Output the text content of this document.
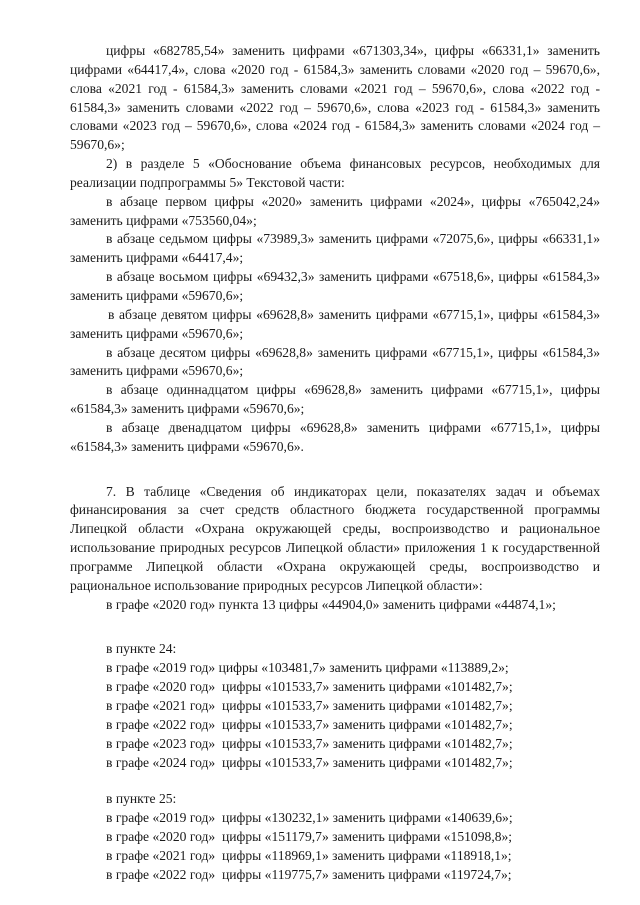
цифры «682785,54» заменить цифрами «671303,34», цифры «66331,1» заменить цифрами «64417,4», слова «2020 год - 61584,3» заменить словами «2020 год – 59670,6», слова «2021 год - 61584,3» заменить словами «2021 год – 59670,6», слова «2022 год - 61584,3» заменить словами «2022 год – 59670,6», слова «2023 год - 61584,3» заменить словами «2023 год – 59670,6», слова «2024 год - 61584,3» заменить словами «2024 год – 59670,6»;

2) в разделе 5 «Обоснование объема финансовых ресурсов, необходимых для реализации подпрограммы 5» Текстовой части:

в абзаце первом цифры «2020» заменить цифрами «2024», цифры «765042,24» заменить цифрами «753560,04»;

в абзаце седьмом цифры «73989,3» заменить цифрами «72075,6», цифры «66331,1» заменить цифрами «64417,4»;

в абзаце восьмом цифры «69432,3» заменить цифрами «67518,6», цифры «61584,3» заменить цифрами «59670,6»;

в абзаце девятом цифры «69628,8» заменить цифрами «67715,1», цифры «61584,3» заменить цифрами «59670,6»;

в абзаце десятом цифры «69628,8» заменить цифрами «67715,1», цифры «61584,3» заменить цифрами «59670,6»;

в абзаце одиннадцатом цифры «69628,8» заменить цифрами «67715,1», цифры «61584,3» заменить цифрами «59670,6»;

в абзаце двенадцатом цифры «69628,8» заменить цифрами «67715,1», цифры «61584,3» заменить цифрами «59670,6».

7. В таблице «Сведения об индикаторах цели, показателях задач и объемах финансирования за счет средств областного бюджета государственной программы Липецкой области «Охрана окружающей среды, воспроизводство и рациональное использование природных ресурсов Липецкой области» приложения 1 к государственной программе Липецкой области «Охрана окружающей среды, воспроизводство и рациональное использование природных ресурсов Липецкой области»:

в графе «2020 год» пункта 13 цифры «44904,0» заменить цифрами «44874,1»;

в пункте 24:

в графе «2019 год» цифры «103481,7» заменить цифрами «113889,2»;

в графе «2020 год»  цифры «101533,7» заменить цифрами «101482,7»;

в графе «2021 год»  цифры «101533,7» заменить цифрами «101482,7»;

в графе «2022 год»  цифры «101533,7» заменить цифрами «101482,7»;

в графе «2023 год»  цифры «101533,7» заменить цифрами «101482,7»;

в графе «2024 год»  цифры «101533,7» заменить цифрами «101482,7»;

в пункте 25:

в графе «2019 год»  цифры «130232,1» заменить цифрами «140639,6»;

в графе «2020 год»  цифры «151179,7» заменить цифрами «151098,8»;

в графе «2021 год»  цифры «118969,1» заменить цифрами «118918,1»;

в графе «2022 год»  цифры «119775,7» заменить цифрами «119724,7»;
